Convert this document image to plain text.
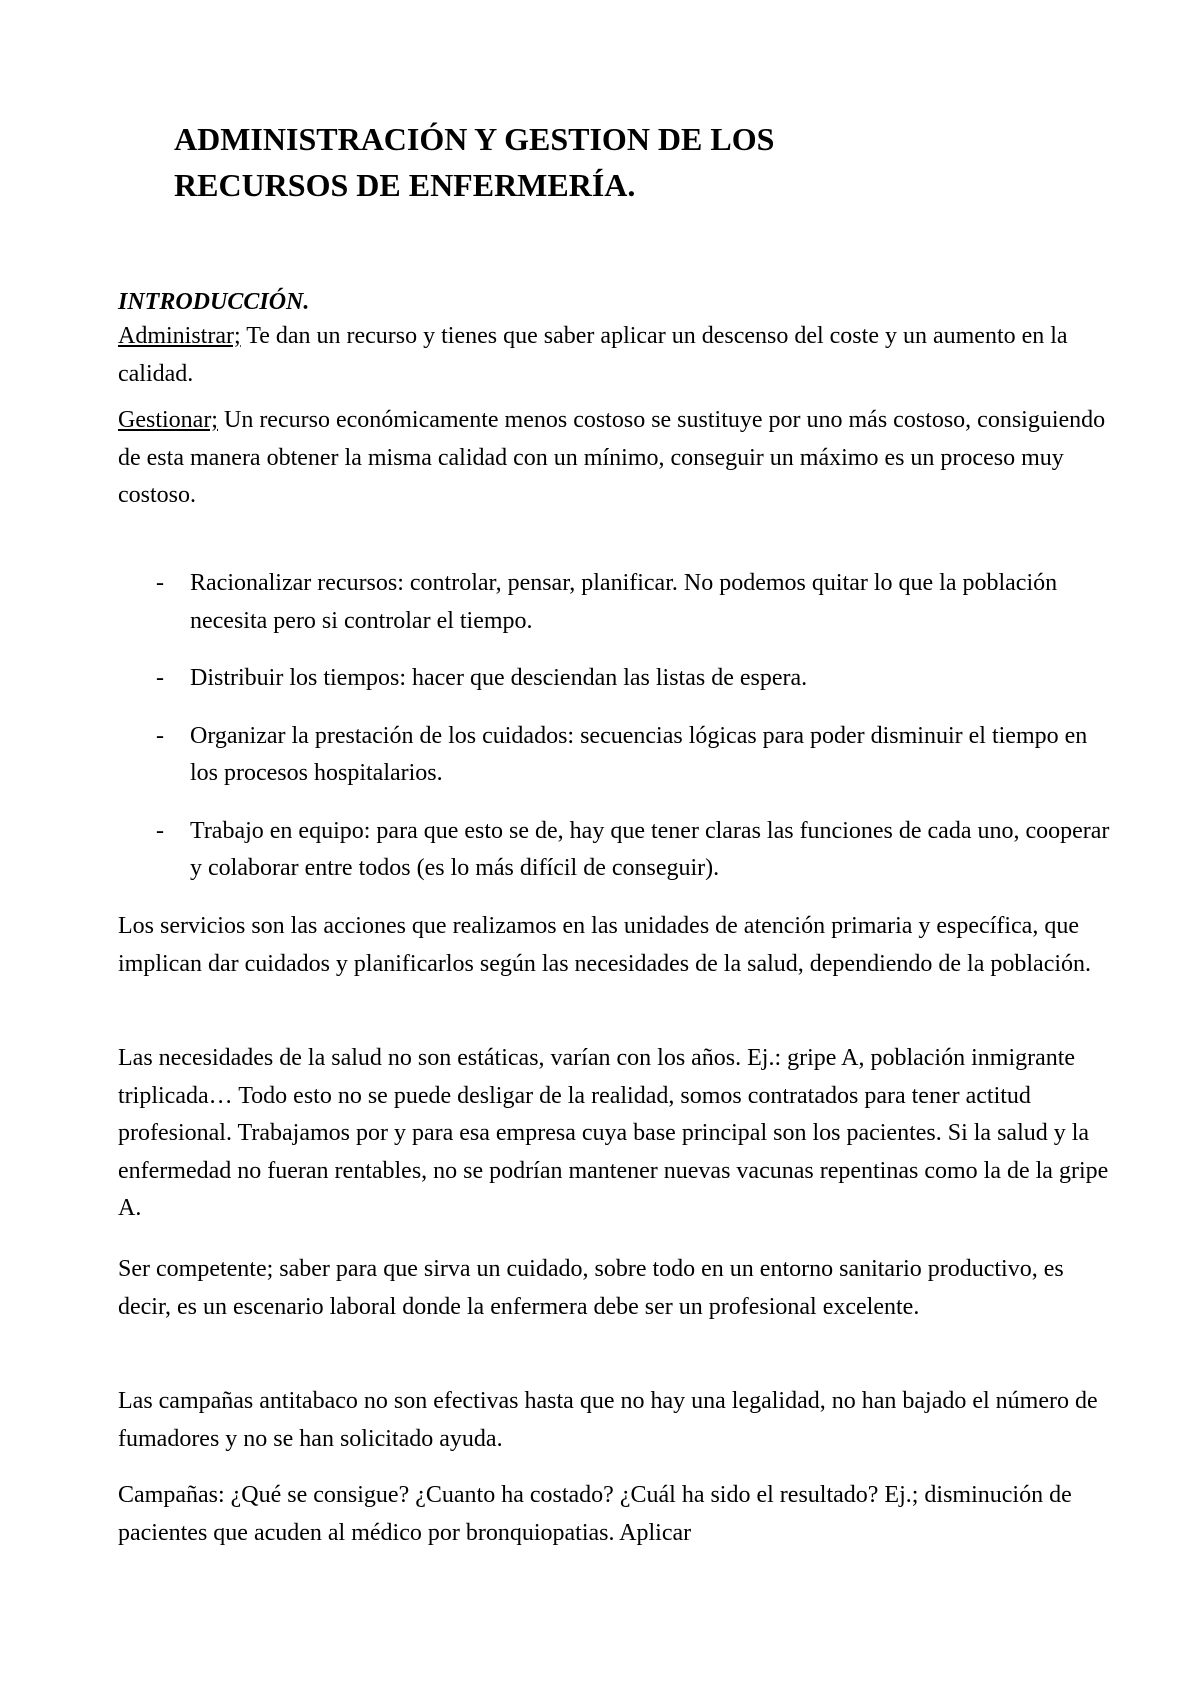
ADMINISTRACIÓN Y GESTION DE LOS
RECURSOS DE ENFERMERÍA.
INTRODUCCIÓN.

Administrar; Te dan un recurso y tienes que saber aplicar un descenso del coste y un aumento en la calidad.

Gestionar; Un recurso económicamente menos costoso se sustituye por uno más costoso, consiguiendo de esta manera obtener la misma calidad con un mínimo, conseguir un máximo es un proceso muy costoso.

- Racionalizar recursos: controlar, pensar, planificar. No podemos quitar lo que la población necesita pero si controlar el tiempo.
- Distribuir los tiempos: hacer que desciendan las listas de espera.
- Organizar la prestación de los cuidados: secuencias lógicas para poder disminuir el tiempo en los procesos hospitalarios.
- Trabajo en equipo: para que esto se de, hay que tener claras las funciones de cada uno, cooperar y colaborar entre todos (es lo más difícil de conseguir).

Los servicios son las acciones que realizamos en las unidades de atención primaria y específica, que implican dar cuidados y planificarlos según las necesidades de la salud, dependiendo de la población.

Las necesidades de la salud no son estáticas, varían con los años. Ej.: gripe A, población inmigrante triplicada… Todo esto no se puede desligar de la realidad, somos contratados para tener actitud profesional. Trabajamos por y para esa empresa cuya base principal son los pacientes. Si la salud y la enfermedad no fueran rentables, no se podrían mantener nuevas vacunas repentinas como la de la gripe A.

Ser competente; saber para que sirva un cuidado, sobre todo en un entorno sanitario productivo, es decir, es un escenario laboral donde la enfermera debe ser un profesional excelente.

Las campañas antitabaco no son efectivas hasta que no hay una legalidad, no han bajado el número de fumadores y no se han solicitado ayuda.

Campañas: ¿Qué se consigue? ¿Cuanto ha costado? ¿Cuál ha sido el resultado? Ej.; disminución de pacientes que acuden al médico por bronquiopatias. Aplicar
